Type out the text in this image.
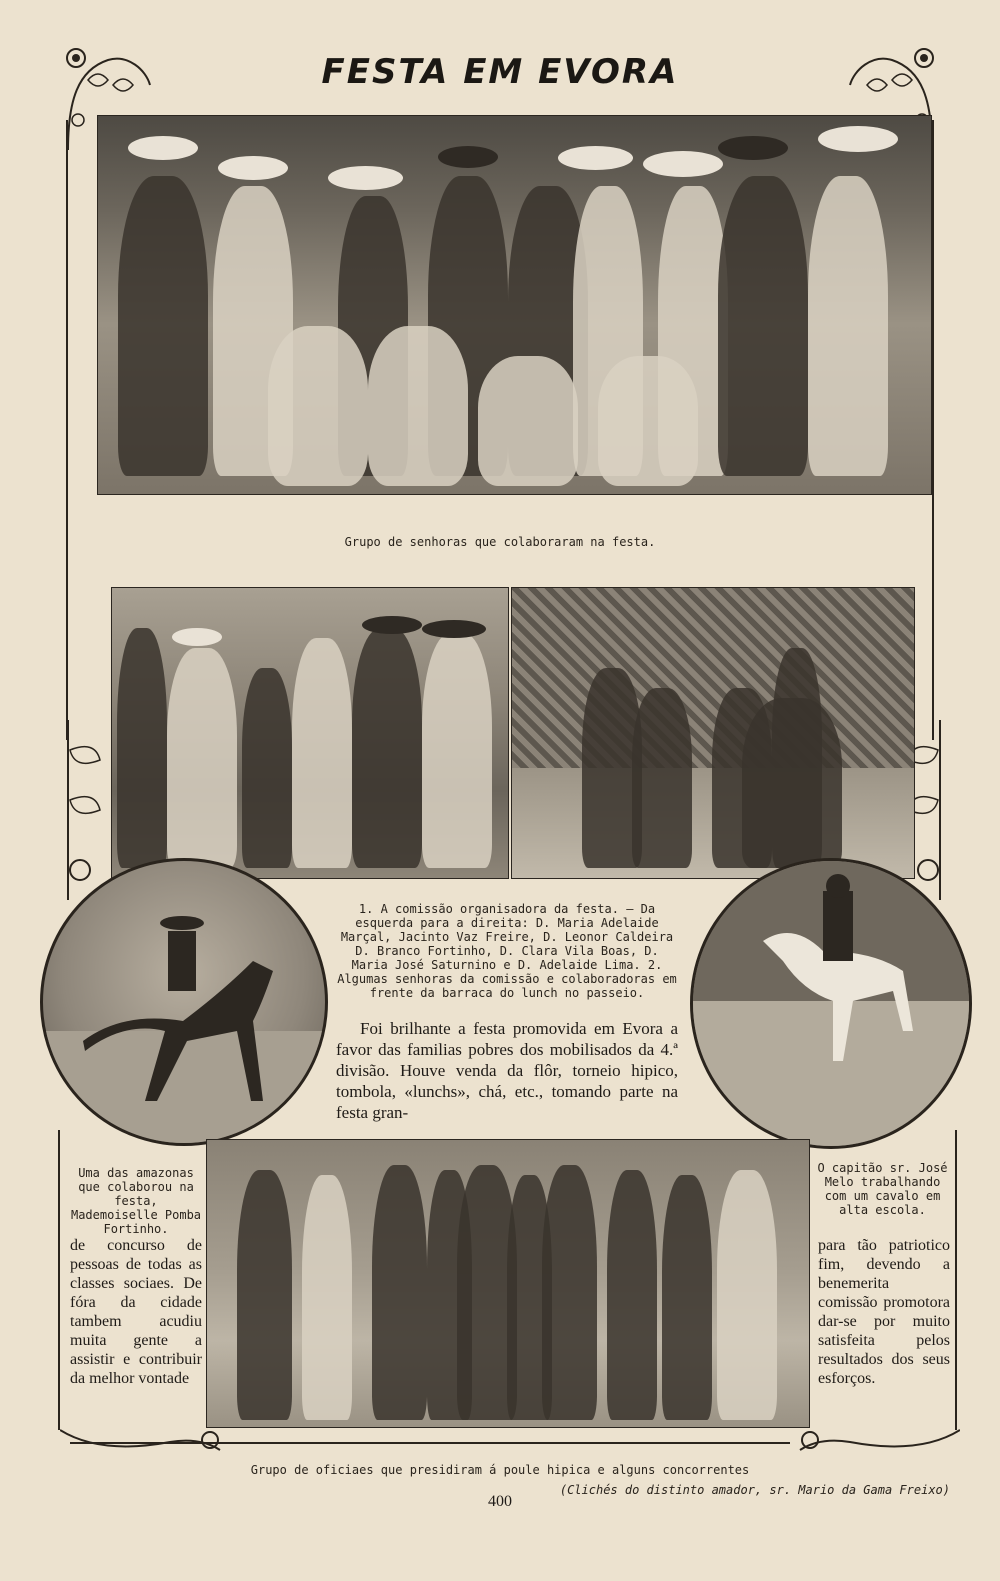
FESTA EM EVORA
Grupo de senhoras que colaboraram na festa.
1. A comissão organisadora da festa. — Da esquerda para a direita: D. Maria Adelaide Marçal, Jacinto Vaz Freire, D. Leonor Caldeira D. Branco Fortinho, D. Clara Vila Boas, D. Maria José Saturnino e D. Adelaide Lima. 2. Algumas senhoras da comissão e colaboradoras em frente da barraca do lunch no passeio.
Foi brilhante a festa promovida em Evora a favor das familias pobres dos mobilisados da 4.ª divisão. Houve venda da flôr, torneio hipico, tombola, «lunchs», chá, etc., tomando parte na festa gran-
Uma das amazonas que colaborou na festa, Mademoiselle Pomba Fortinho.
O capitão sr. José Melo trabalhando com um cavalo em alta escola.
de concurso de pessoas de todas as classes sociaes. De fóra da cidade tambem acudiu muita gente a assistir e contribuir da melhor vontade
para tão patriotico fim, devendo a benemerita comissão promotora dar-se por muito satisfeita pelos resultados dos seus esforços.
Grupo de oficiaes que presidiram á poule hipica e alguns concorrentes
(Clichés do distinto amador, sr. Mario da Gama Freixo)
400
